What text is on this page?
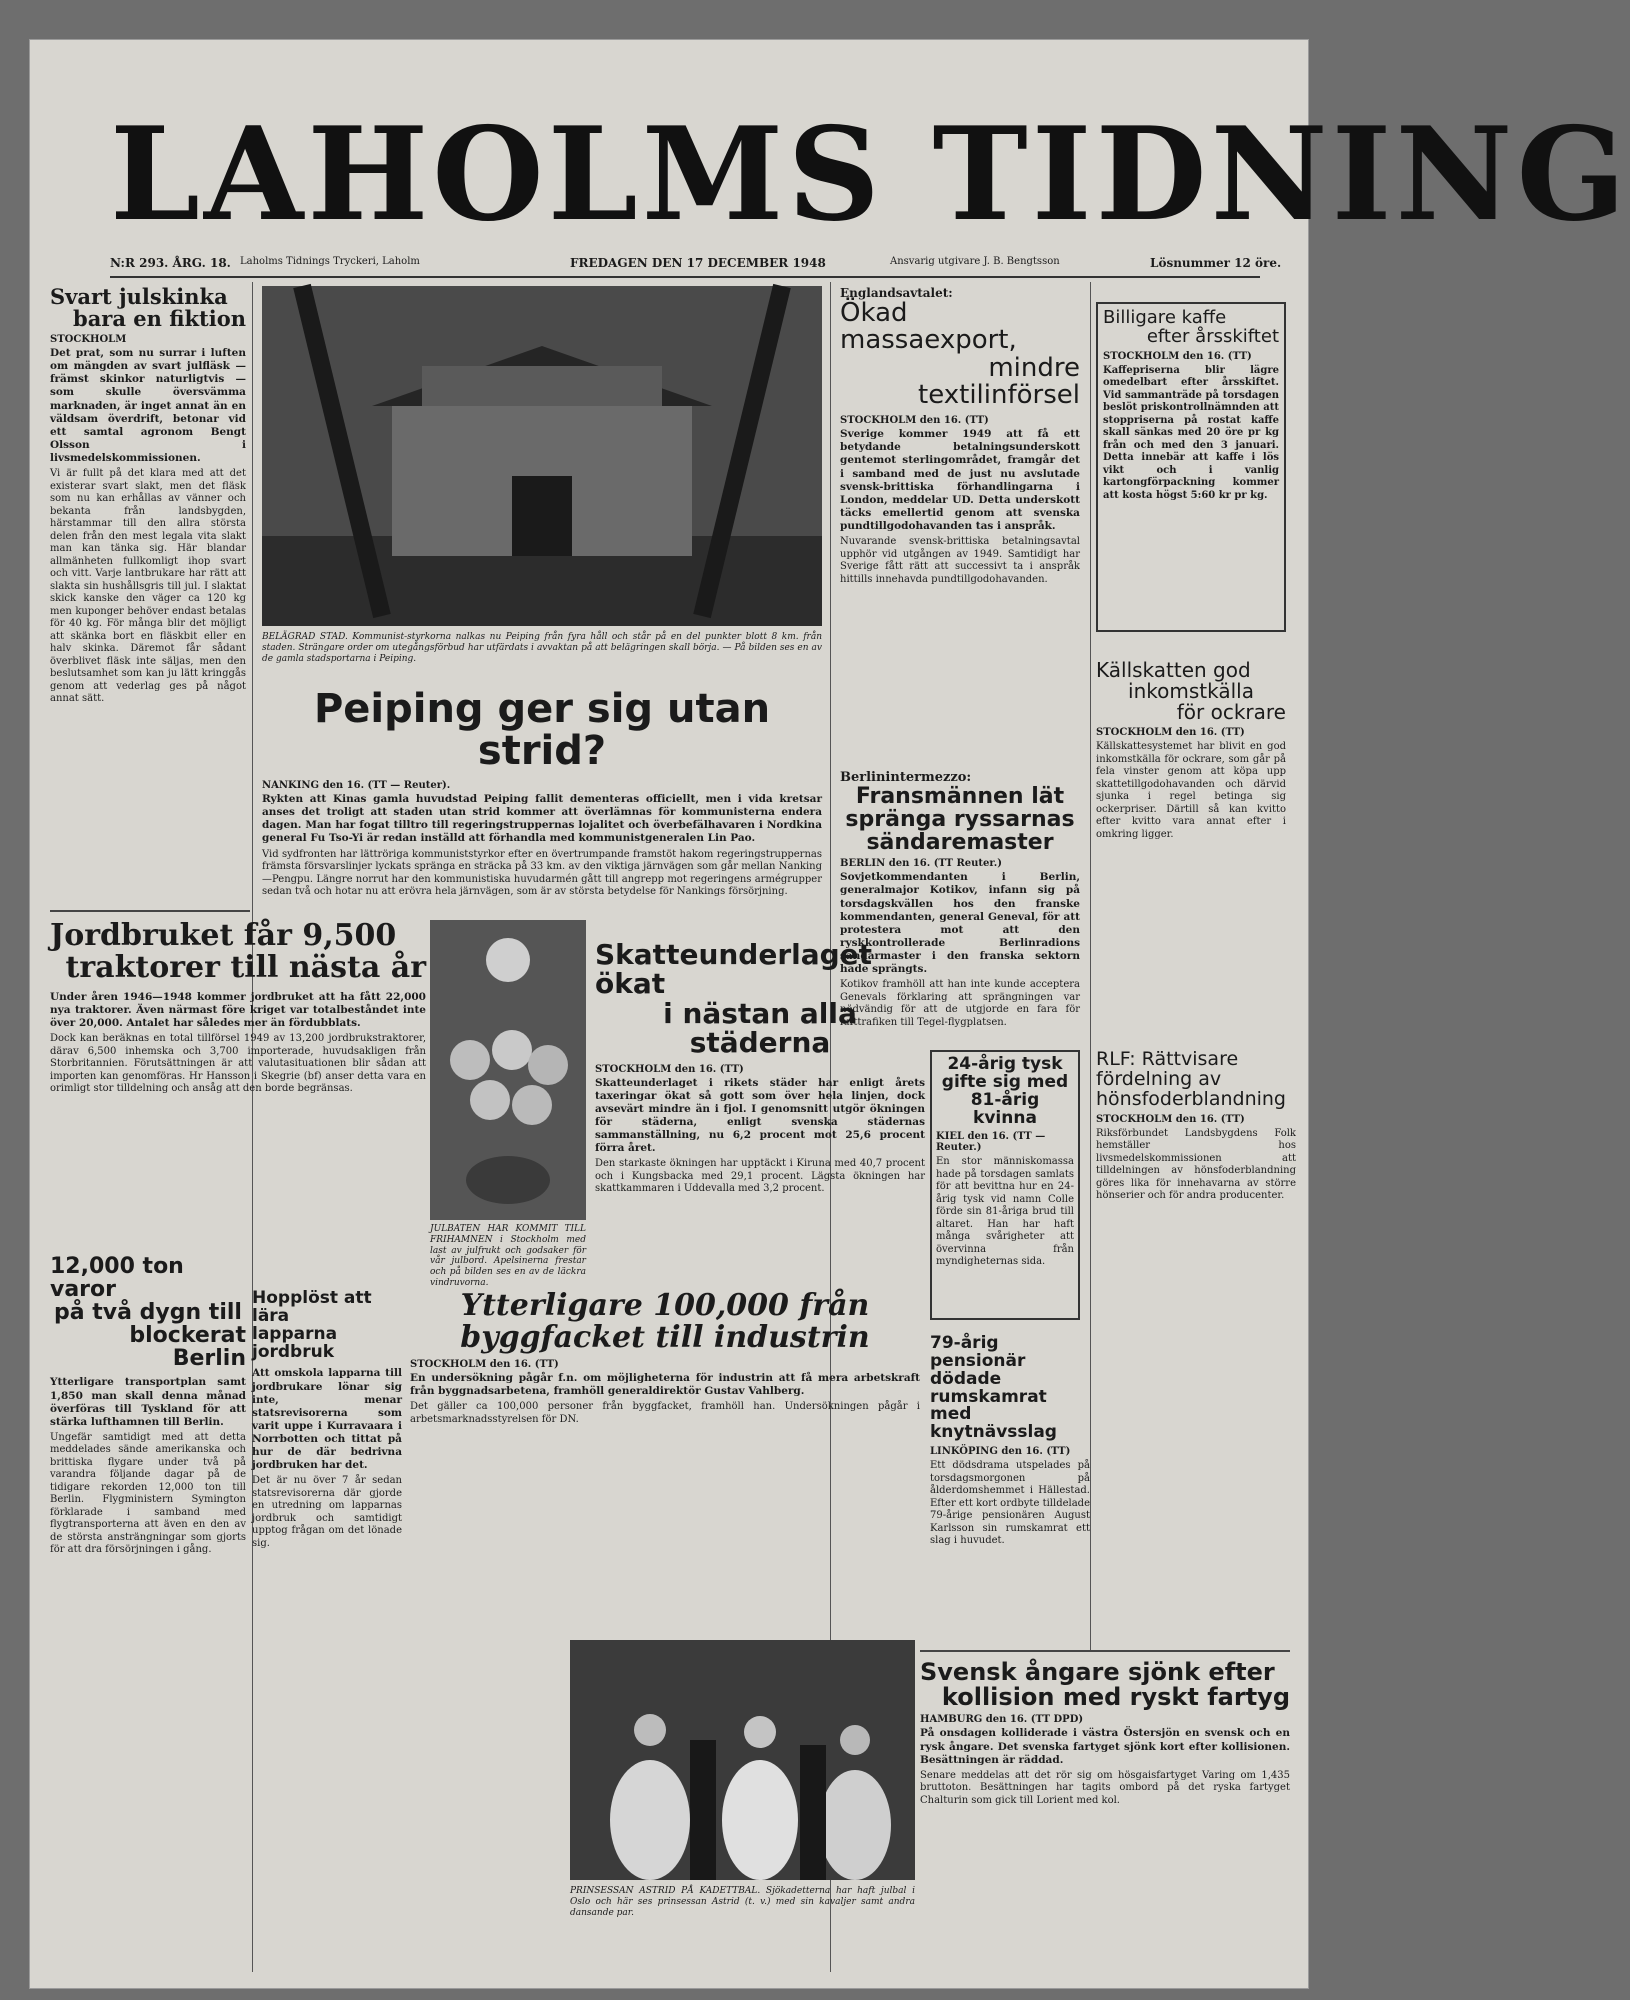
LAHOLMS TIDNING
N:R 293. ÅRG. 18. Laholms Tidnings Tryckeri, Laholm	FREDAGEN DEN 17 DECEMBER 1948	Ansvarig utgivare J. B. Bengtsson	Lösnummer 12 öre.
Svart julskinka
bara en fiktion
STOCKHOLM
Det prat, som nu surrar i luften om mängden av svart julfläsk — främst skinkor naturligtvis — som skulle översvämma marknaden, är inget annat än en väldsam överdrift, betonar vid ett samtal agronom Bengt Olsson i livsmedelskommissionen.
Vi är fullt på det klara med att det existerar svart slakt, men det fläsk som nu kan erhållas av vänner och bekanta från landsbygden, härstammar till den allra största delen från den mest legala vita slakt man kan tänka sig. Här blandar allmänheten fullkomligt ihop svart och vitt. Varje lantbrukare har rätt att slakta sin hushållsgris till jul. I slaktat skick kanske den väger ca 120 kg men kuponger behöver endast betalas för 40 kg. För många blir det möjligt att skänka bort en fläskbit eller en halv skinka. Däremot får sådant överblivet fläsk inte säljas, men den beslutsamhet som kan ju lätt kringgås genom att vederlag ges på något annat sätt.
Jordbruket får 9,500
traktorer till nästa år
Under åren 1946—1948 kommer jordbruket att ha fått 22,000 nya traktorer. Även närmast före kriget var totalbeståndet inte över 20,000. Antalet har således mer än fördubblats.
Dock kan beräknas en total tillförsel 1949 av 13,200 jordbrukstraktorer, därav 6,500 inhemska och 3,700 importerade, huvudsakligen från Storbritannien. Förutsättningen är att valutasituationen blir sådan att importen kan genomföras. Hr Hansson i Skegrie (bf) anser detta vara en orimligt stor tilldelning och ansåg att den borde begränsas.
12,000 ton varor
på två dygn till
blockerat Berlin
Ytterligare transportplan samt 1,850 man skall denna månad överföras till Tyskland för att stärka lufthamnen till Berlin.
Ungefär samtidigt med att detta meddelades sände amerikanska och brittiska flygare under två på varandra följande dagar på de tidigare rekorden 12,000 ton till Berlin. Flygministern Symington förklarade i samband med flygtransporterna att även en den av de största ansträngningar som gjorts för att dra försörjningen i gång.
BELÄGRAD STAD. Kommunist-styrkorna nalkas nu Peiping från fyra håll och står på en del punkter blott 8 km. från staden. Strängare order om utegångsförbud har utfärdats i avvaktan på att belägringen skall börja. — På bilden ses en av de gamla stadsportarna i Peiping.
Peiping ger sig utan strid?
NANKING den 16. (TT — Reuter).
Rykten att Kinas gamla huvudstad Peiping fallit dementeras officiellt, men i vida kretsar anses det troligt att staden utan strid kommer att överlämnas för kommunisterna endera dagen. Man har fogat tilltro till regeringstruppernas lojalitet och överbefälhavaren i Nordkina general Fu Tso-Yi är redan inställd att förhandla med kommunistgeneralen Lin Pao.
Vid sydfronten har lättröriga kommuniststyrkor efter en övertrumpande framstöt hakom regeringstruppernas främsta försvarslinjer lyckats spränga en sträcka på 33 km. av den viktiga järnvägen som går mellan Nanking—Pengpu. Längre norrut har den kommunistiska huvudarmén gått till angrepp mot regeringens armégrupper sedan två och hotar nu att erövra hela järnvägen, som är av största betydelse för Nankings försörjning.
JULBATEN HAR KOMMIT TILL FRIHAMNEN i Stockholm med last av julfrukt och godsaker för vår julbord. Apelsinerna frestar och på bilden ses en av de läckra vindruvorna.
Skatteunderlaget ökat
i nästan alla städerna
STOCKHOLM den 16. (TT)
Skatteunderlaget i rikets städer har enligt årets taxeringar ökat så gott som över hela linjen, dock avsevärt mindre än i fjol. I genomsnitt utgör ökningen för städerna, enligt svenska städernas sammanställning, nu 6,2 procent mot 25,6 procent förra året.
Den starkaste ökningen har upptäckt i Kiruna med 40,7 procent och i Kungsbacka med 29,1 procent. Lägsta ökningen har skattkammaren i Uddevalla med 3,2 procent.
Hopplöst att lära
lapparna jordbruk
Att omskola lapparna till jordbrukare lönar sig inte, menar statsrevisorerna som varit uppe i Kurravaara i Norrbotten och tittat på hur de där bedrivna jordbruken har det.
Det är nu över 7 år sedan statsrevisorerna där gjorde en utredning om lapparnas jordbruk och samtidigt upptog frågan om det lönade sig.
Ytterligare 100,000 från
byggfacket till industrin
STOCKHOLM den 16. (TT)
En undersökning pågår f.n. om möjligheterna för industrin att få mera arbetskraft från byggnadsarbetena, framhöll generaldirektör Gustav Vahlberg.
Det gäller ca 100,000 personer från byggfacket, framhöll han. Undersökningen pågår i arbetsmarknadsstyrelsen för DN.
PRINSESSAN ASTRID PÅ KADETTBAL. Sjökadetterna har haft julbal i Oslo och här ses prinsessan Astrid (t. v.) med sin kavaljer samt andra dansande par.
Englandsavtalet:
Ökad massaexport,
mindre textilinförsel
STOCKHOLM den 16. (TT)
Sverige kommer 1949 att få ett betydande betalningsunderskott gentemot sterlingområdet, framgår det i samband med de just nu avslutade svensk-brittiska förhandlingarna i London, meddelar UD. Detta underskott täcks emellertid genom att svenska pundtillgodohavanden tas i anspråk.
Nuvarande svensk-brittiska betalningsavtal upphör vid utgången av 1949. Samtidigt har Sverige fått rätt att successivt ta i anspråk hittills innehavda pundtillgodohavanden.
Berlinintermezzo:
Fransmännen lät
spränga ryssarnas
sändaremaster
BERLIN den 16. (TT Reuter.)
Sovjetkommendanten i Berlin, generalmajor Kotikov, infann sig på torsdagskvällen hos den franske kommendanten, general Geneval, för att protestera mot att den ryskkontrollerade Berlinradions sändarmaster i den franska sektorn hade sprängts.
Kotikov framhöll att han inte kunde acceptera Genevals förklaring att sprängningen var nödvändig för att de utgjorde en fara för lufttrafiken till Tegel-flygplatsen.
24-årig tysk
gifte sig med
81-årig kvinna
KIEL den 16. (TT — Reuter.)
En stor människomassa hade på torsdagen samlats för att bevittna hur en 24-årig tysk vid namn Colle förde sin 81-åriga brud till altaret. Han har haft många svårigheter att övervinna från myndigheternas sida.
79-årig pensionär
dödade rumskamrat
med knytnävsslag
LINKÖPING den 16. (TT)
Ett dödsdrama utspelades på torsdagsmorgonen på ålderdomshemmet i Hällestad. Efter ett kort ordbyte tilldelade 79-årige pensionären August Karlsson sin rumskamrat ett slag i huvudet.
Billigare kaffe
efter årsskiftet
STOCKHOLM den 16. (TT)
Kaffepriserna blir lägre omedelbart efter årsskiftet. Vid sammanträde på torsdagen beslöt priskontrollnämnden att stoppriserna på rostat kaffe skall sänkas med 20 öre pr kg från och med den 3 januari. Detta innebär att kaffe i lös vikt och i vanlig kartongförpackning kommer att kosta högst 5:60 kr pr kg.
Källskatten god
inkomstkälla
för ockrare
STOCKHOLM den 16. (TT)
Källskattesystemet har blivit en god inkomstkälla för ockrare, som går på fela vinster genom att köpa upp skattetillgodohavanden och därvid sjunka i regel betinga sig ockerpriser. Därtill så kan kvitto efter kvitto vara annat efter i omkring ligger.
RLF: Rättvisare
fördelning av
hönsfoderblandning
STOCKHOLM den 16. (TT)
Riksförbundet Landsbygdens Folk hemställer hos livsmedelskommissionen att tilldelningen av hönsfoderblandning göres lika för innehavarna av större hönserier och för andra producenter.
Svensk ångare sjönk efter
kollision med ryskt fartyg
HAMBURG den 16. (TT DPD)
På onsdagen kolliderade i västra Östersjön en svensk och en rysk ångare. Det svenska fartyget sjönk kort efter kollisionen. Besättningen är räddad.
Senare meddelas att det rör sig om hösgaisfartyget Varing om 1,435 bruttoton. Besättningen har tagits ombord på det ryska fartyget Chalturin som gick till Lorient med kol.
